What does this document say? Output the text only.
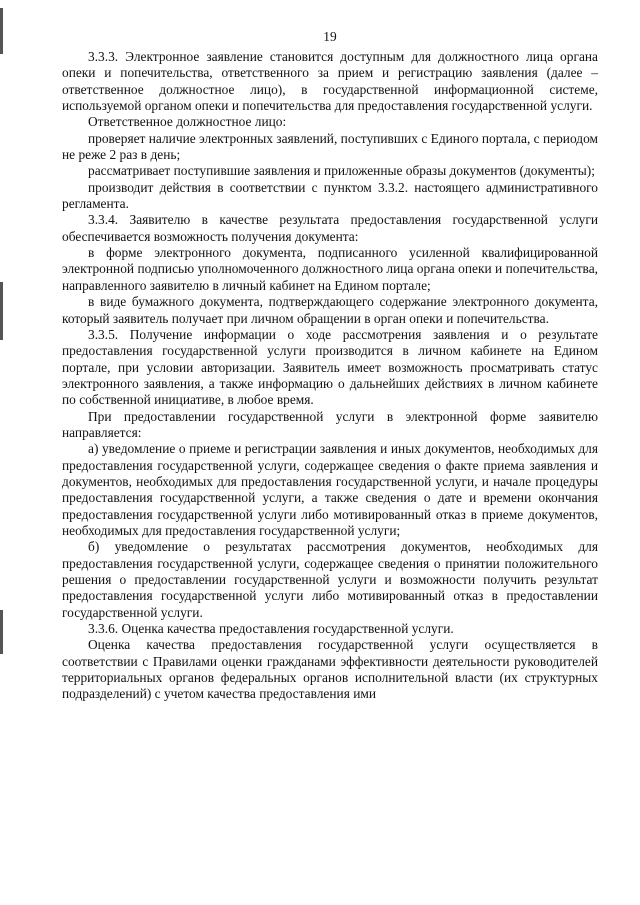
19

3.3.3. Электронное заявление становится доступным для должностного лица органа опеки и попечительства, ответственного за прием и регистрацию заявления (далее – ответственное должностное лицо), в государственной информационной системе, используемой органом опеки и попечительства для предоставления государственной услуги.

Ответственное должностное лицо:

проверяет наличие электронных заявлений, поступивших с Единого портала, с периодом не реже 2 раз в день;

рассматривает поступившие заявления и приложенные образы документов (документы);

производит действия в соответствии с пунктом 3.3.2. настоящего административного регламента.

3.3.4. Заявителю в качестве результата предоставления государственной услуги обеспечивается возможность получения документа:

в форме электронного документа, подписанного усиленной квалифицированной электронной подписью уполномоченного должностного лица органа опеки и попечительства, направленного заявителю в личный кабинет на Едином портале;

в виде бумажного документа, подтверждающего содержание электронного документа, который заявитель получает при личном обращении в орган опеки и попечительства.

3.3.5. Получение информации о ходе рассмотрения заявления и о результате предоставления государственной услуги производится в личном кабинете на Едином портале, при условии авторизации. Заявитель имеет возможность просматривать статус электронного заявления, а также информацию о дальнейших действиях в личном кабинете по собственной инициативе, в любое время.

При предоставлении государственной услуги в электронной форме заявителю направляется:

а) уведомление о приеме и регистрации заявления и иных документов, необходимых для предоставления государственной услуги, содержащее сведения о факте приема заявления и документов, необходимых для предоставления государственной услуги, и начале процедуры предоставления государственной услуги, а также сведения о дате и времени окончания предоставления государственной услуги либо мотивированный отказ в приеме документов, необходимых для предоставления государственной услуги;

б) уведомление о результатах рассмотрения документов, необходимых для предоставления государственной услуги, содержащее сведения о принятии положительного решения о предоставлении государственной услуги и возможности получить результат предоставления государственной услуги либо мотивированный отказ в предоставлении государственной услуги.

3.3.6. Оценка качества предоставления государственной услуги.

Оценка качества предоставления государственной услуги осуществляется в соответствии с Правилами оценки гражданами эффективности деятельности руководителей территориальных органов федеральных органов исполнительной власти (их структурных подразделений) с учетом качества предоставления ими
